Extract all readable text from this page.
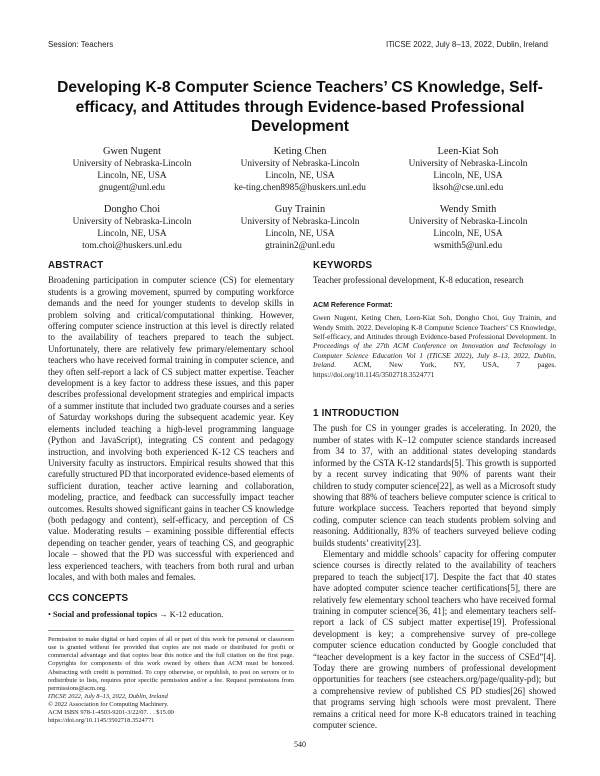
Session: Teachers	ITiCSE 2022, July 8–13, 2022, Dublin, Ireland
Developing K-8 Computer Science Teachers’ CS Knowledge, Self-efficacy, and Attitudes through Evidence-based Professional Development
Gwen Nugent
University of Nebraska-Lincoln
Lincoln, NE, USA
gnugent@unl.edu
Keting Chen
University of Nebraska-Lincoln
Lincoln, NE, USA
ke-ting.chen8985@huskers.unl.edu
Leen-Kiat Soh
University of Nebraska-Lincoln
Lincoln, NE, USA
lksoh@cse.unl.edu
Dongho Choi
University of Nebraska-Lincoln
Lincoln, NE, USA
tom.choi@huskers.unl.edu
Guy Trainin
University of Nebraska-Lincoln
Lincoln, NE, USA
gtrainin2@unl.edu
Wendy Smith
University of Nebraska-Lincoln
Lincoln, NE, USA
wsmith5@unl.edu
ABSTRACT

Broadening participation in computer science (CS) for elementary students is a growing movement, spurred by computing workforce demands and the need for younger students to develop skills in problem solving and critical/computational thinking. However, offering computer science instruction at this level is directly related to the availability of teachers prepared to teach the subject. Unfortunately, there are relatively few primary/elementary school teachers who have received formal training in computer science, and they often self-report a lack of CS subject matter expertise. Teacher development is a key factor to address these issues, and this paper describes professional development strategies and empirical impacts of a summer institute that included two graduate courses and a series of Saturday workshops during the subsequent academic year. Key elements included teaching a high-level programming language (Python and JavaScript), integrating CS content and pedagogy instruction, and involving both experienced K-12 CS teachers and University faculty as instructors. Empirical results showed that this carefully structured PD that incorporated evidence-based elements of sufficient duration, teacher active learning and collaboration, modeling, practice, and feedback can successfully impact teacher outcomes. Results showed significant gains in teacher CS knowledge (both pedagogy and content), self-efficacy, and perception of CS value. Moderating results – examining possible differential effects depending on teacher gender, years of teaching CS, and geographic locale – showed that the PD was successful with experienced and less experienced teachers, with teachers from both rural and urban locales, and with both males and females.

CCS CONCEPTS
• Social and professional topics → K-12 education.
Permission to make digital or hard copies of all or part of this work for personal or classroom use is granted without fee provided that copies are not made or distributed for profit or commercial advantage and that copies bear this notice and the full citation on the first page. Copyrights for components of this work owned by others than ACM must be honored. Abstracting with credit is permitted. To copy otherwise, or republish, to post on servers or to redistribute to lists, requires prior specific permission and/or a fee. Request permissions from permissions@acm.org.
ITiCSE 2022, July 8–13, 2022, Dublin, Ireland
© 2022 Association for Computing Machinery.
ACM ISBN 978-1-4503-9201-3/22/07. . . $15.00
https://doi.org/10.1145/3502718.3524771
KEYWORDS

Teacher professional development, K-8 education, research

ACM Reference Format:
Gwen Nugent, Keting Chen, Leen-Kiat Soh, Dongho Choi, Guy Trainin, and Wendy Smith. 2022. Developing K-8 Computer Science Teachers’ CS Knowledge, Self-efficacy, and Attitudes through Evidence-based Professional Development. In Proceedings of the 27th ACM Conference on Innovation and Technology in Computer Science Education Vol 1 (ITiCSE 2022), July 8–13, 2022, Dublin, Ireland. ACM, New York, NY, USA, 7 pages. https://doi.org/10.1145/3502718.3524771
1 INTRODUCTION

The push for CS in younger grades is accelerating. In 2020, the number of states with K–12 computer science standards increased from 34 to 37, with an additional states developing standards informed by the CSTA K-12 standards[5]. This growth is supported by a recent survey indicating that 90% of parents want their children to study computer science[22], as well as a Microsoft study showing that 88% of teachers believe computer science is critical to future workplace success. Teachers reported that beyond simply coding, computer science can teach students problem solving and reasoning. Additionally, 83% of teachers surveyed believe coding builds students’ creativity[23].

Elementary and middle schools’ capacity for offering computer science courses is directly related to the availability of teachers prepared to teach the subject[17]. Despite the fact that 40 states have adopted computer science teacher certifications[5], there are relatively few elementary school teachers who have received formal training in computer science[36, 41]; and elementary teachers self-report a lack of CS subject matter expertise[19]. Professional development is key; a comprehensive survey of pre-college computer science education conducted by Google concluded that “teacher development is a key factor in the success of CSEd”[4]. Today there are growing numbers of professional development opportunities for teachers (see csteachers.org/page/quality-pd); but a comprehensive review of published CS PD studies[26] showed that programs serving high schools were most prevalent. There remains a critical need for more K-8 educators trained in teaching computer science.

540
